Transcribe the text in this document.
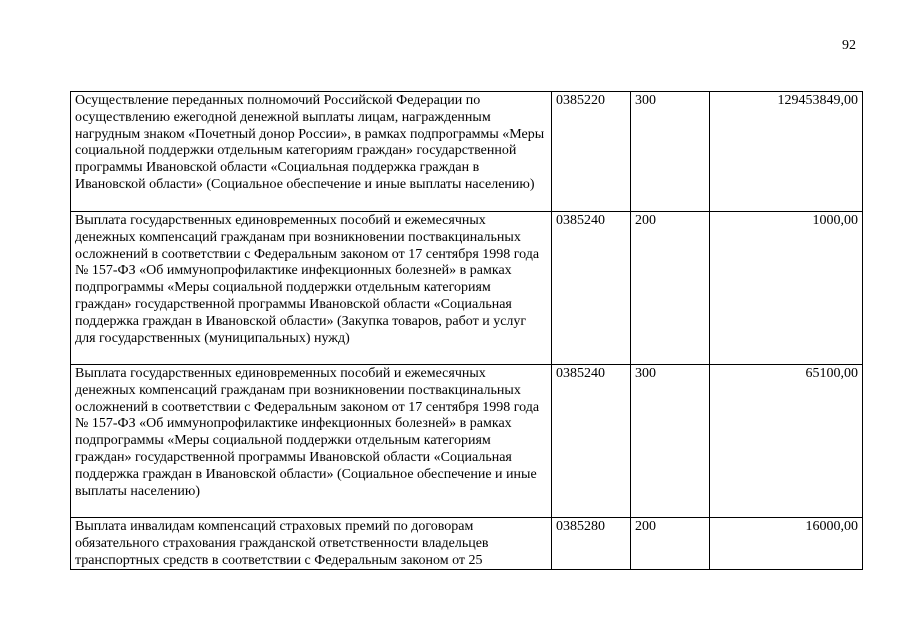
92
Осуществление переданных полномочий Российской Федерации по осуществлению ежегодной денежной выплаты лицам, награжденным нагрудным знаком «Почетный донор России», в рамках подпрограммы «Меры социальной поддержки отдельным категориям граждан» государственной программы Ивановской области «Социальная поддержка граждан в Ивановской области» (Социальное обеспечение и иные выплаты населению)	0385220	300	129453849,00
Выплата государственных единовременных пособий и ежемесячных денежных компенсаций гражданам при возникновении поствакцинальных осложнений в соответствии с Федеральным законом от 17 сентября 1998 года № 157-ФЗ «Об иммунопрофилактике инфекционных болезней» в рамках подпрограммы «Меры социальной поддержки отдельным категориям граждан» государственной программы Ивановской области «Социальная поддержка граждан в Ивановской области» (Закупка товаров, работ и услуг для государственных (муниципальных) нужд)	0385240	200	1000,00
Выплата государственных единовременных пособий и ежемесячных денежных компенсаций гражданам при возникновении поствакцинальных осложнений в соответствии с Федеральным законом от 17 сентября 1998 года № 157-ФЗ «Об иммунопрофилактике инфекционных болезней» в рамках подпрограммы «Меры социальной поддержки отдельным категориям граждан» государственной программы Ивановской области «Социальная поддержка граждан в Ивановской области» (Социальное обеспечение и иные выплаты населению)	0385240	300	65100,00
Выплата инвалидам компенсаций страховых премий по договорам обязательного страхования гражданской ответственности владельцев транспортных средств в соответствии с Федеральным законом от 25	0385280	200	16000,00
